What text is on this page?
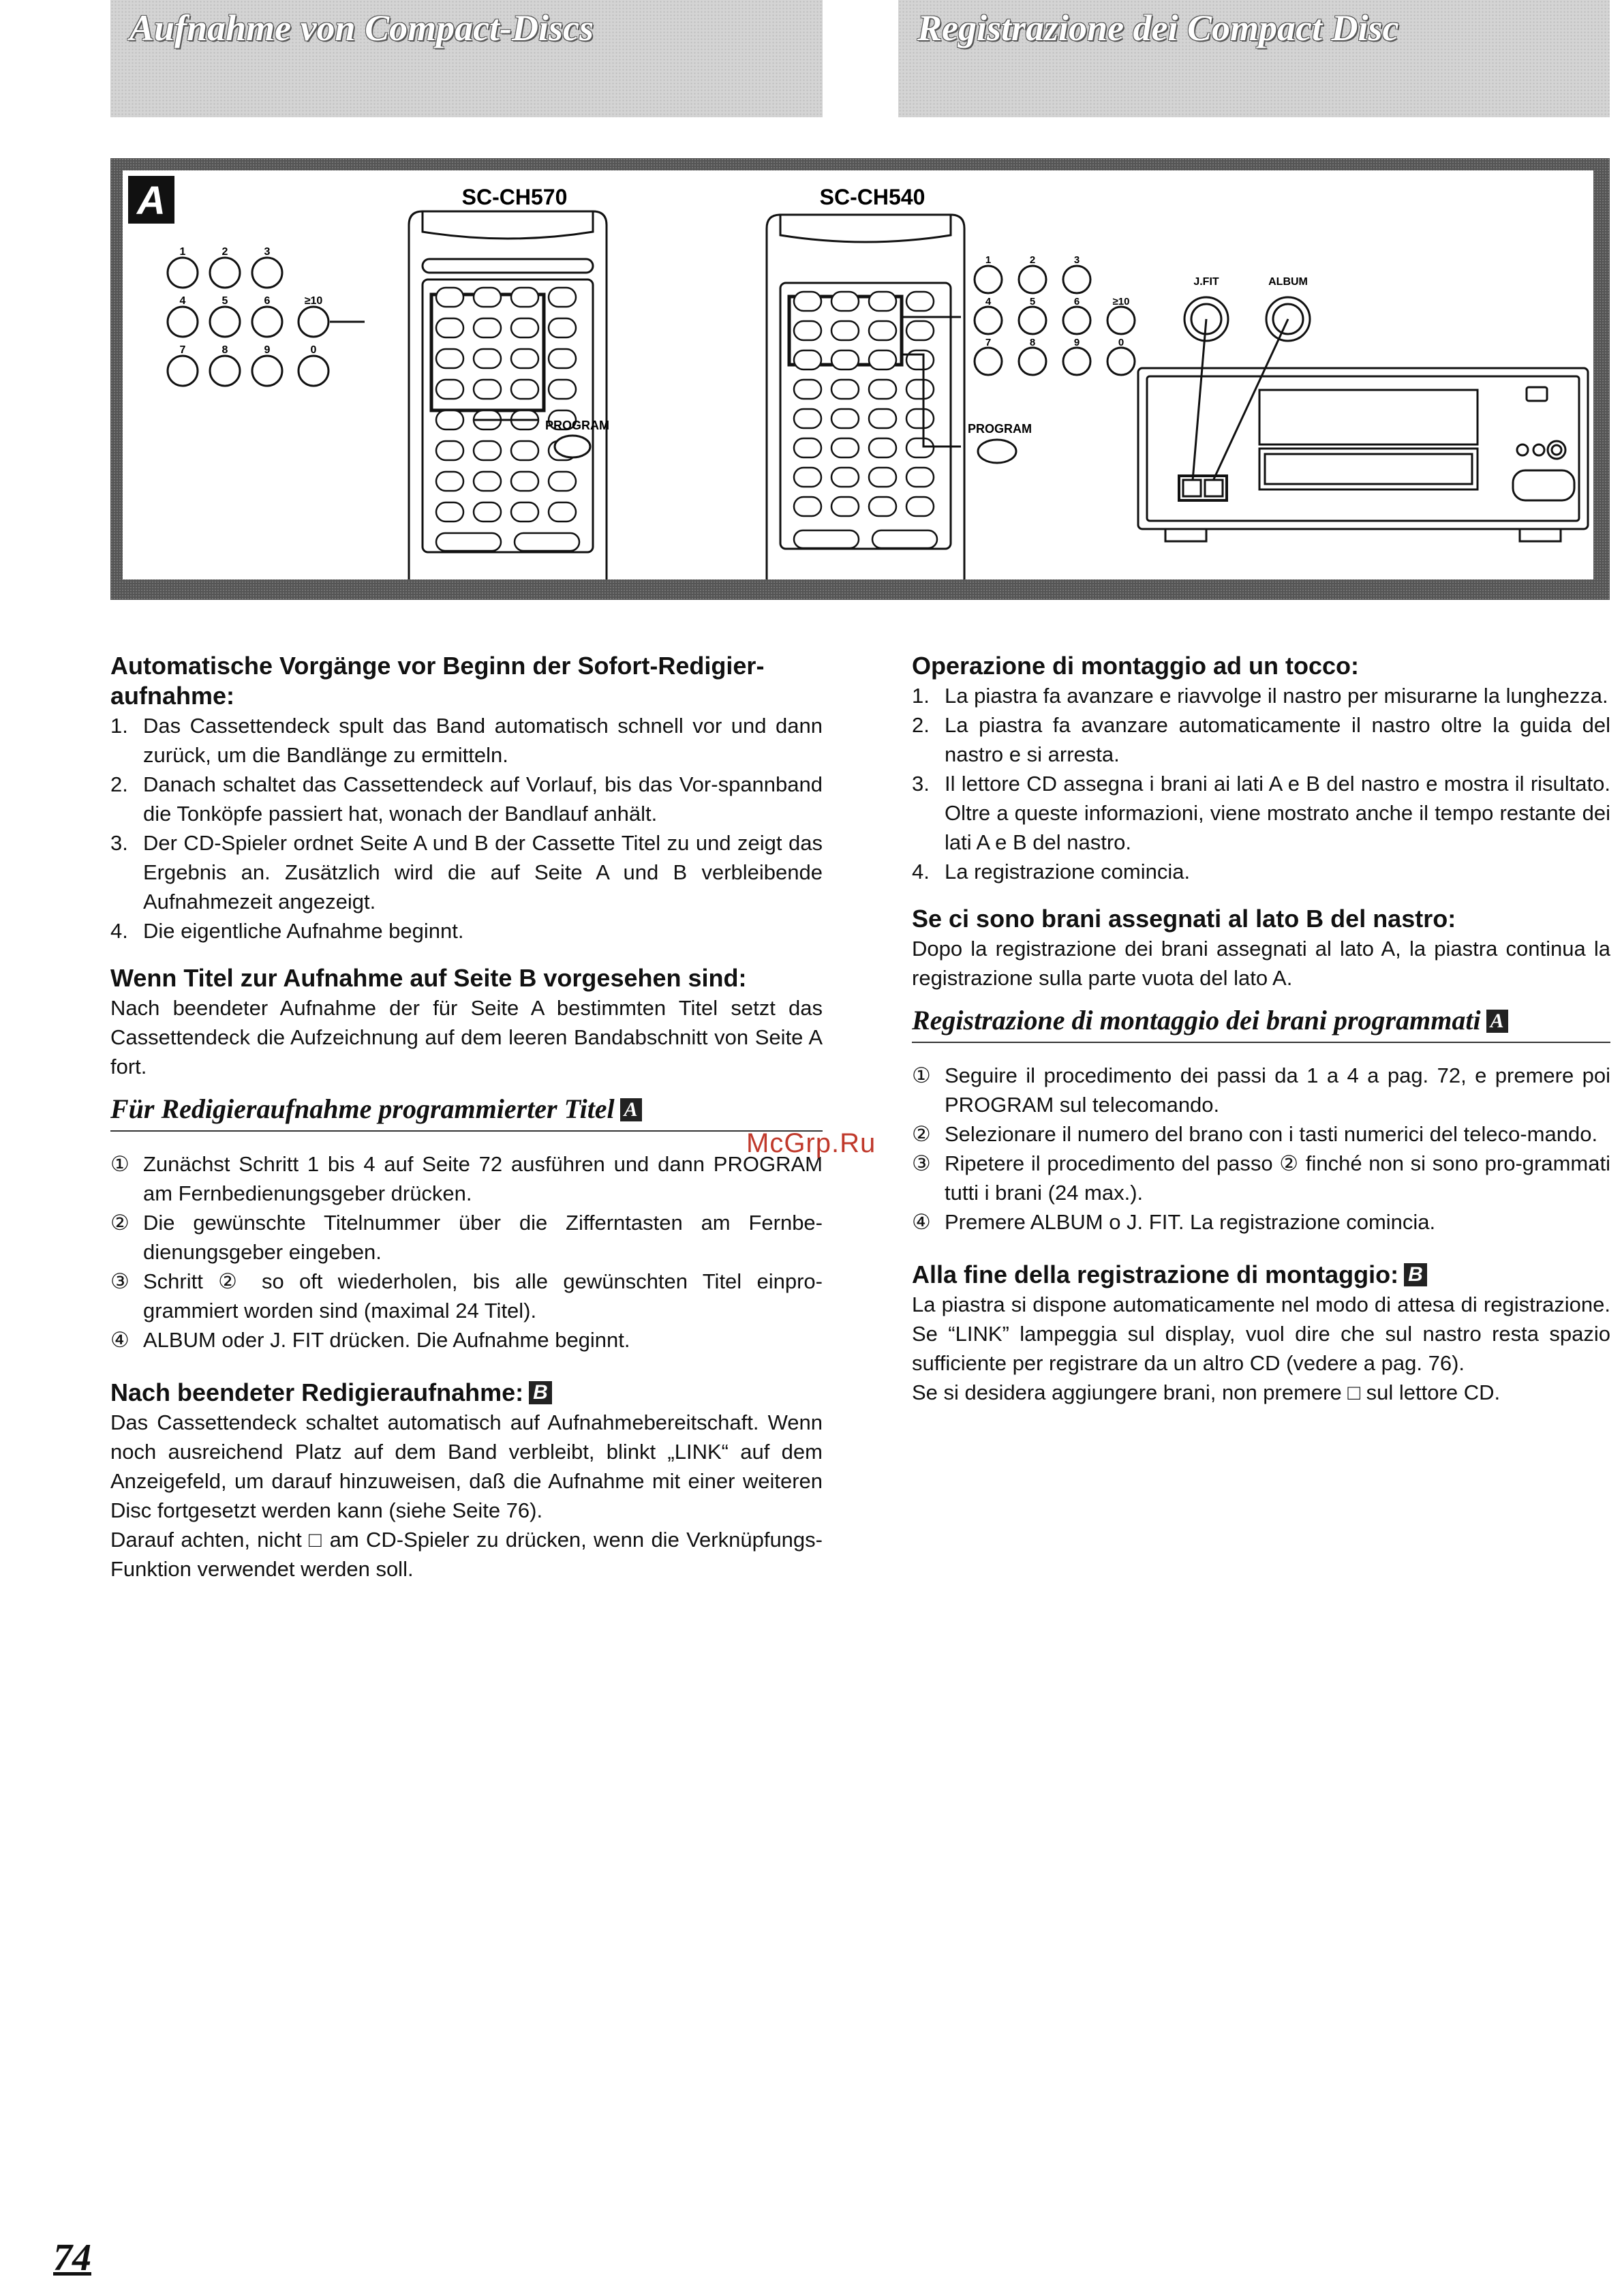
Aufnahme von Compact-Discs	Registrazione dei Compact Disc
A	SC-CH570	SC-CH540
1	2	3
4	5	6	≥10
7	8	9	0
PROGRAM	PROGRAM
1	2	3
4	5	6	≥10
7	8	9	0
J.FIT	ALBUM
Automatische Vorgänge vor Beginn der Sofort-Redigier-aufnahme:
1. Das Cassettendeck spult das Band automatisch schnell vor und dann zurück, um die Bandlänge zu ermitteln.
2. Danach schaltet das Cassettendeck auf Vorlauf, bis das Vor-spannband die Tonköpfe passiert hat, wonach der Bandlauf anhält.
3. Der CD-Spieler ordnet Seite A und B der Cassette Titel zu und zeigt das Ergebnis an. Zusätzlich wird die auf Seite A und B verbleibende Aufnahmezeit angezeigt.
4. Die eigentliche Aufnahme beginnt.
Wenn Titel zur Aufnahme auf Seite B vorgesehen sind:

Nach beendeter Aufnahme der für Seite A bestimmten Titel setzt das Cassettendeck die Aufzeichnung auf dem leeren Bandabschnitt von Seite A fort.

Für Redigieraufnahme programmierter Titel A
① Zunächst Schritt 1 bis 4 auf Seite 72 ausführen und dann PROGRAM am Fernbedienungsgeber drücken.
② Die gewünschte Titelnummer über die Zifferntasten am Fernbe-dienungsgeber eingeben.
③ Schritt ② so oft wiederholen, bis alle gewünschten Titel einpro-grammiert worden sind (maximal 24 Titel).
④ ALBUM oder J. FIT drücken. Die Aufnahme beginnt.
Nach beendeter Redigieraufnahme: B

Das Cassettendeck schaltet automatisch auf Aufnahmebereitschaft. Wenn noch ausreichend Platz auf dem Band verbleibt, blinkt „LINK“ auf dem Anzeigefeld, um darauf hinzuweisen, daß die Aufnahme mit einer weiteren Disc fortgesetzt werden kann (siehe Seite 76).

Darauf achten, nicht □ am CD-Spieler zu drücken, wenn die Verknüpfungs-Funktion verwendet werden soll.

Operazione di montaggio ad un tocco:
1. La piastra fa avanzare e riavvolge il nastro per misurarne la lunghezza.
2. La piastra fa avanzare automaticamente il nastro oltre la guida del nastro e si arresta.
3. Il lettore CD assegna i brani ai lati A e B del nastro e mostra il risultato. Oltre a queste informazioni, viene mostrato anche il tempo restante dei lati A e B del nastro.
4. La registrazione comincia.
Se ci sono brani assegnati al lato B del nastro:

Dopo la registrazione dei brani assegnati al lato A, la piastra continua la registrazione sulla parte vuota del lato A.

Registrazione di montaggio dei brani programmati A
① Seguire il procedimento dei passi da 1 a 4 a pag. 72, e premere poi PROGRAM sul telecomando.
② Selezionare il numero del brano con i tasti numerici del teleco-mando.
③ Ripetere il procedimento del passo ② finché non si sono pro-grammati tutti i brani (24 max.).
④ Premere ALBUM o J. FIT. La registrazione comincia.
Alla fine della registrazione di montaggio: B

La piastra si dispone automaticamente nel modo di attesa di registrazione. Se “LINK” lampeggia sul display, vuol dire che sul nastro resta spazio sufficiente per registrare da un altro CD (vedere a pag. 76).

Se si desidera aggiungere brani, non premere □ sul lettore CD.

McGrp.Ru
74
